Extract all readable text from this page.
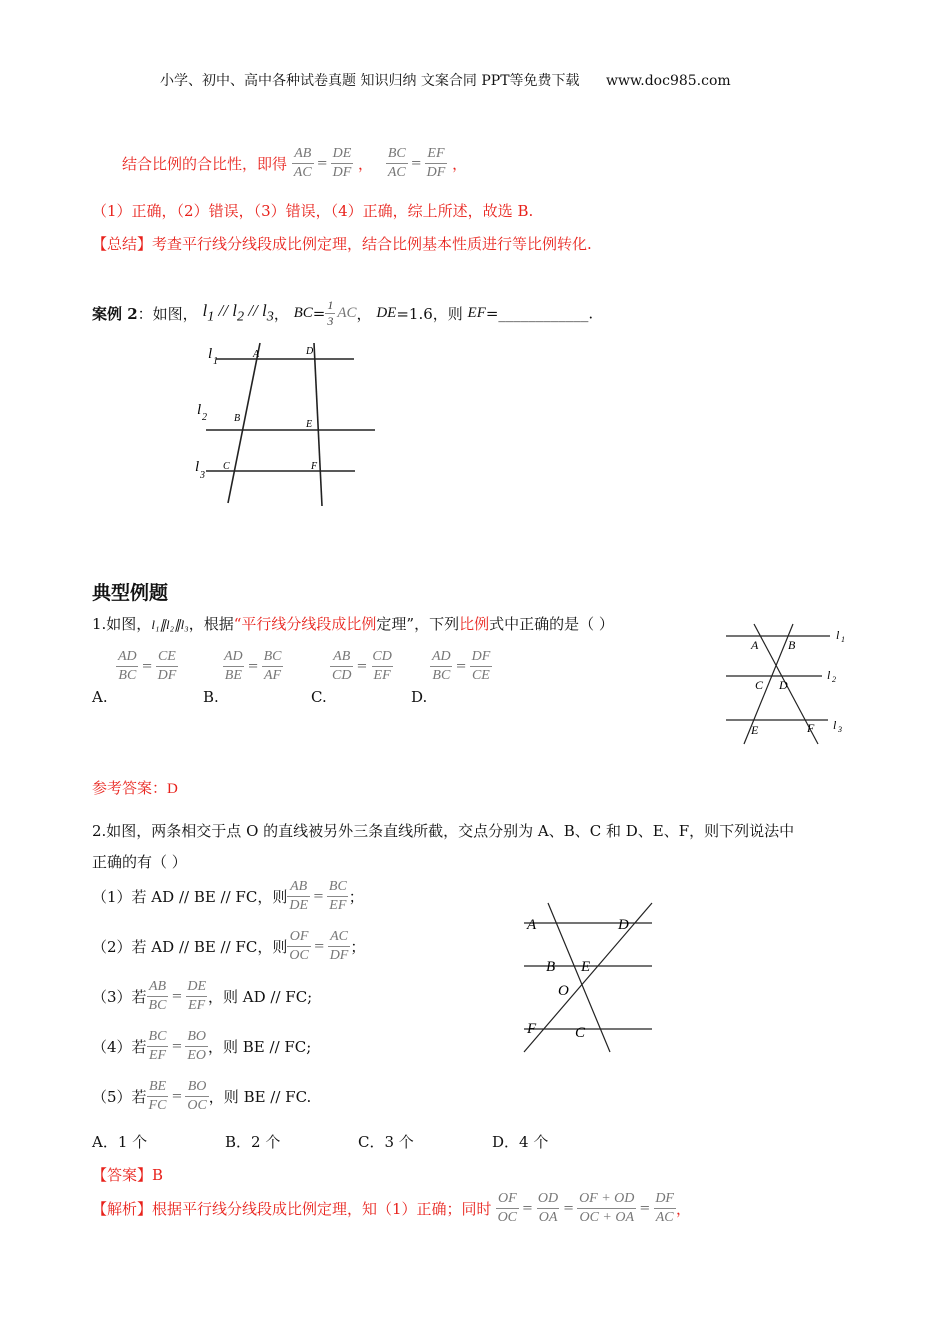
小学、初中、高中各种试卷真题 知识归纳 文案合同 PPT等免费下载 www.doc985.com
结合比例的合比性，即得 $\frac{AB}{AC} = \frac{DE}{DF}$ ， $\frac{BC}{AC} = \frac{EF}{DF}$ ，
（1）正确，（2）错误，（3）错误，（4）正确，综上所述，故选 B.
【总结】考查平行线分线段成比例定理，结合比例基本性质进行等比例转化.
案例 2：如图， $l_1 // l_2 // l_3$， $BC= \frac{1}{3}$ AC， DE=1.6，则 EF=____________.
l 1
l 2
l
3
A	D
B
E
C	F
典型例题
1.如图，l₁∥l₂∥l₃，根据“平行线分线段成比例定理”，下列比例式中正确的是（ ）
$\frac{AD}{BC} = \frac{CE}{DF}$
A.
$\frac{AD}{BE} = \frac{BC}{AF}$
B.
$\frac{AB}{CD} = \frac{CD}{EF}$
C.
$\frac{AD}{BC} = \frac{DF}{CE}$
D.
A B
C D
E	F
l 1
l 2
l 3
参考答案：D
2.如图，两条相交于点 O 的直线被另外三条直线所截，交点分别为 A、B、C 和 D、E、F，则下列说法中
正确的有（ ）
（1）若 AD // BE // FC，则 $\frac{AB}{DE} = \frac{BC}{EF}$ ；
（2）若 AD // BE // FC，则 $\frac{OF}{OC} = \frac{AC}{DF}$ ；
（3）若 $\frac{AB}{BC} = \frac{DE}{EF}$ ，则 AD // FC;
（4）若 $\frac{BC}{EF} = \frac{BO}{EO}$ ，则 BE // FC;
（5）若 $\frac{BE}{FC} = \frac{BO}{OC}$ ，则 BE // FC.
A	D
B E
O
F	C
A．1 个	B．2 个	C．3 个	D．4 个
【答案】B
【解析】根据平行线分线段成比例定理，知（1）正确；同时 $\frac{OF}{OC} = \frac{OD}{OA} = \frac{OF + OD}{OC + OA} = \frac{DF}{AC}$ ，
